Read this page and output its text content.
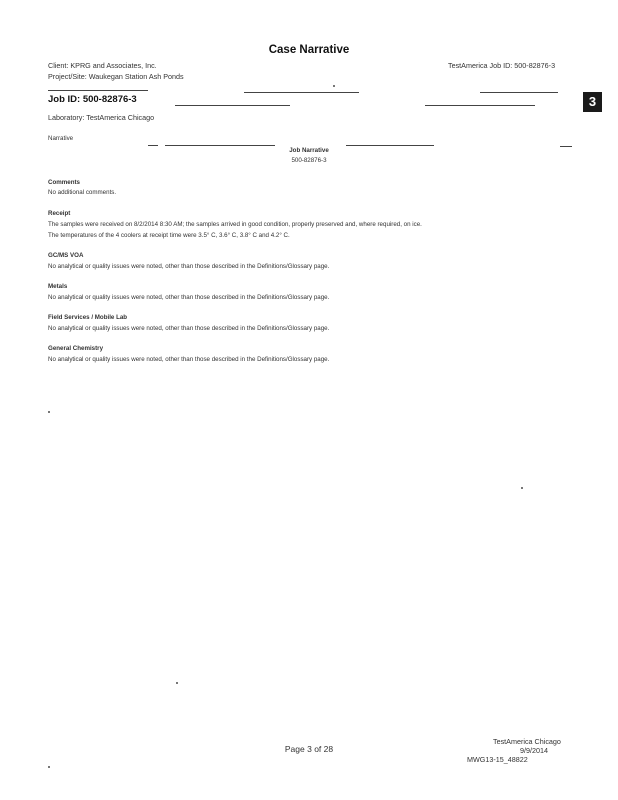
Case Narrative
Client: KPRG and Associates, Inc.
Project/Site: Waukegan Station Ash Ponds
TestAmerica Job ID: 500-82876-3
Job ID: 500-82876-3	3
Laboratory: TestAmerica Chicago
Narrative
Job Narrative
500-82876-3
Comments
No additional comments.
Receipt
The samples were received on 8/2/2014 8:30 AM; the samples arrived in good condition, properly preserved and, where required, on ice.
The temperatures of the 4 coolers at receipt time were 3.5° C, 3.6° C, 3.8° C and 4.2° C.
GC/MS VOA
No analytical or quality issues were noted, other than those described in the Definitions/Glossary page.
Metals
No analytical or quality issues were noted, other than those described in the Definitions/Glossary page.
Field Services / Mobile Lab
No analytical or quality issues were noted, other than those described in the Definitions/Glossary page.
General Chemistry
No analytical or quality issues were noted, other than those described in the Definitions/Glossary page.
Page 3 of 28
TestAmerica Chicago
9/9/2014
MWG13-15_48822
